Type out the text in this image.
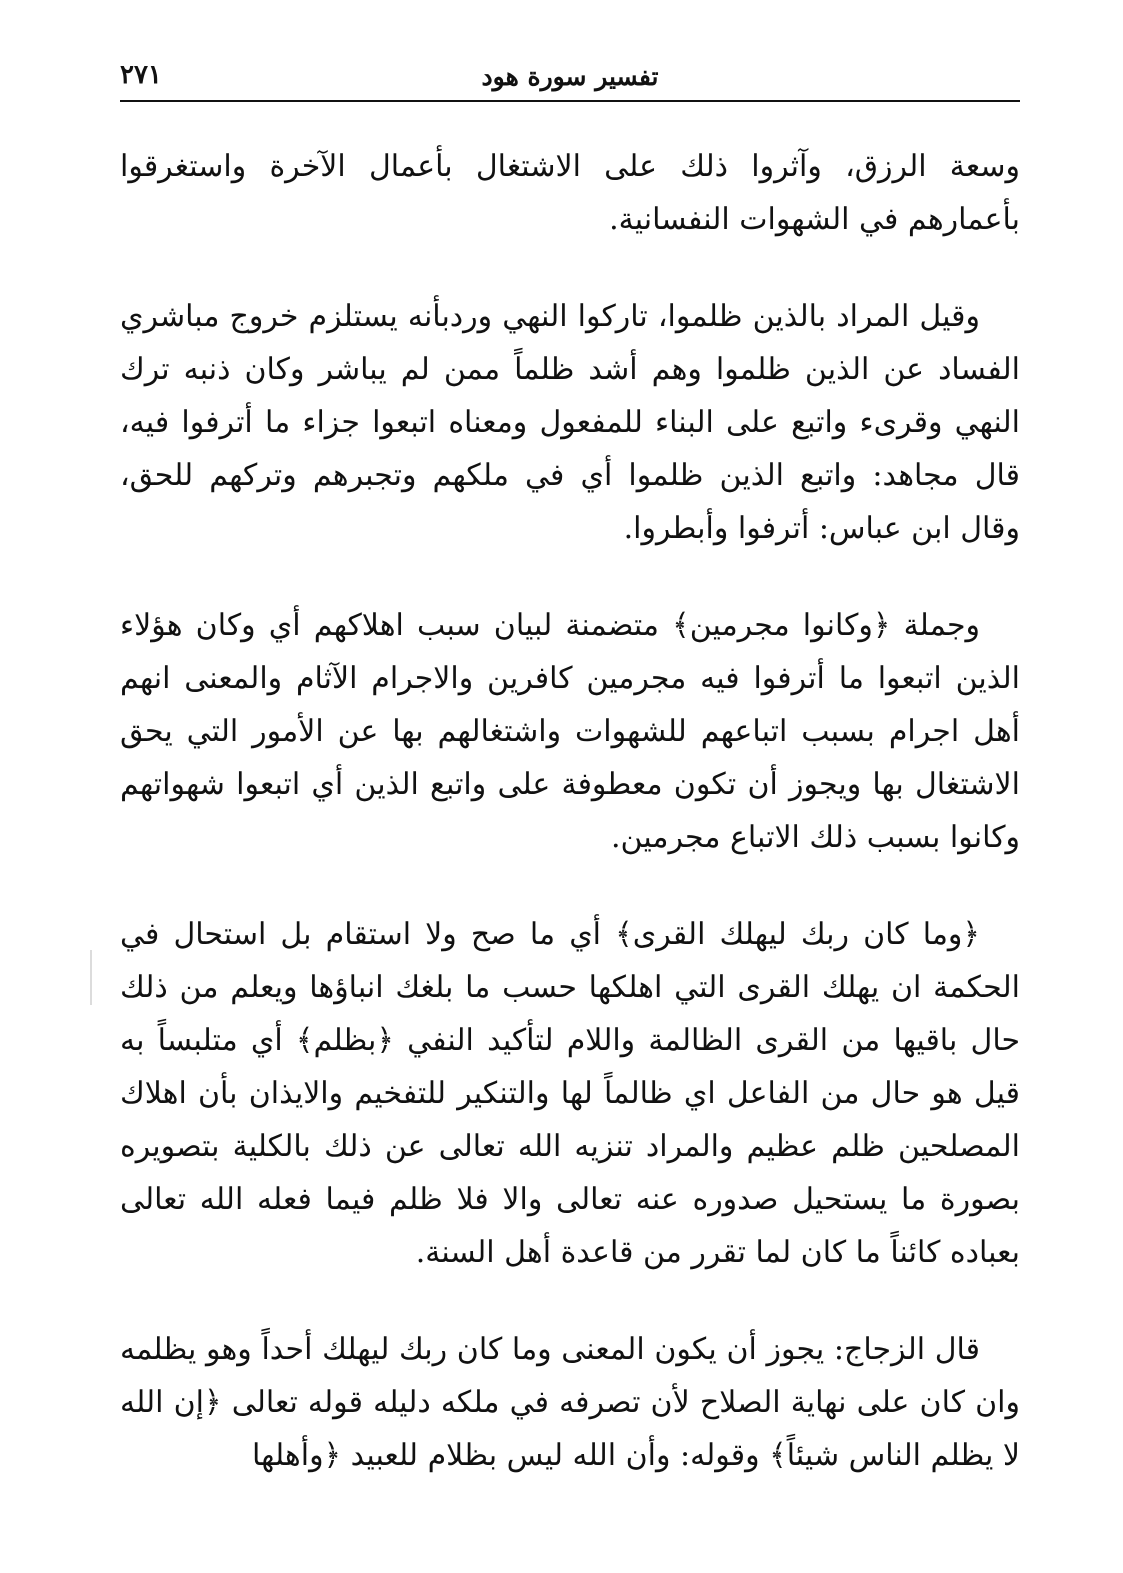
تفسير سورة هود
٢٧١

وسعة الرزق، وآثروا ذلك على الاشتغال بأعمال الآخرة واستغرقوا بأعمارهم في الشهوات النفسانية.

وقيل المراد بالذين ظلموا، تاركوا النهي وردبأنه يستلزم خروج مباشري الفساد عن الذين ظلموا وهم أشد ظلماً ممن لم يباشر وكان ذنبه ترك النهي وقرىء واتبع على البناء للمفعول ومعناه اتبعوا جزاء ما أترفوا فيه، قال مجاهد: واتبع الذين ظلموا أي في ملكهم وتجبرهم وتركهم للحق، وقال ابن عباس: أترفوا وأبطروا.

وجملة ﴿وكانوا مجرمين﴾ متضمنة لبيان سبب اهلاكهم أي وكان هؤلاء الذين اتبعوا ما أترفوا فيه مجرمين كافرين والاجرام الآثام والمعنى انهم أهل اجرام بسبب اتباعهم للشهوات واشتغالهم بها عن الأمور التي يحق الاشتغال بها ويجوز أن تكون معطوفة على واتبع الذين أي اتبعوا شهواتهم وكانوا بسبب ذلك الاتباع مجرمين.

﴿وما كان ربك ليهلك القرى﴾ أي ما صح ولا استقام بل استحال في الحكمة ان يهلك القرى التي اهلكها حسب ما بلغك انباؤها ويعلم من ذلك حال باقيها من القرى الظالمة واللام لتأكيد النفي ﴿بظلم﴾ أي متلبساً به قيل هو حال من الفاعل اي ظالماً لها والتنكير للتفخيم والايذان بأن اهلاك المصلحين ظلم عظيم والمراد تنزيه الله تعالى عن ذلك بالكلية بتصويره بصورة ما يستحيل صدوره عنه تعالى والا فلا ظلم فيما فعله الله تعالى بعباده كائناً ما كان لما تقرر من قاعدة أهل السنة.

قال الزجاج: يجوز أن يكون المعنى وما كان ربك ليهلك أحداً وهو يظلمه وان كان على نهاية الصلاح لأن تصرفه في ملكه دليله قوله تعالى ﴿إن الله لا يظلم الناس شيئاً﴾ وقوله: وأن الله ليس بظلام للعبيد ﴿وأهلها
